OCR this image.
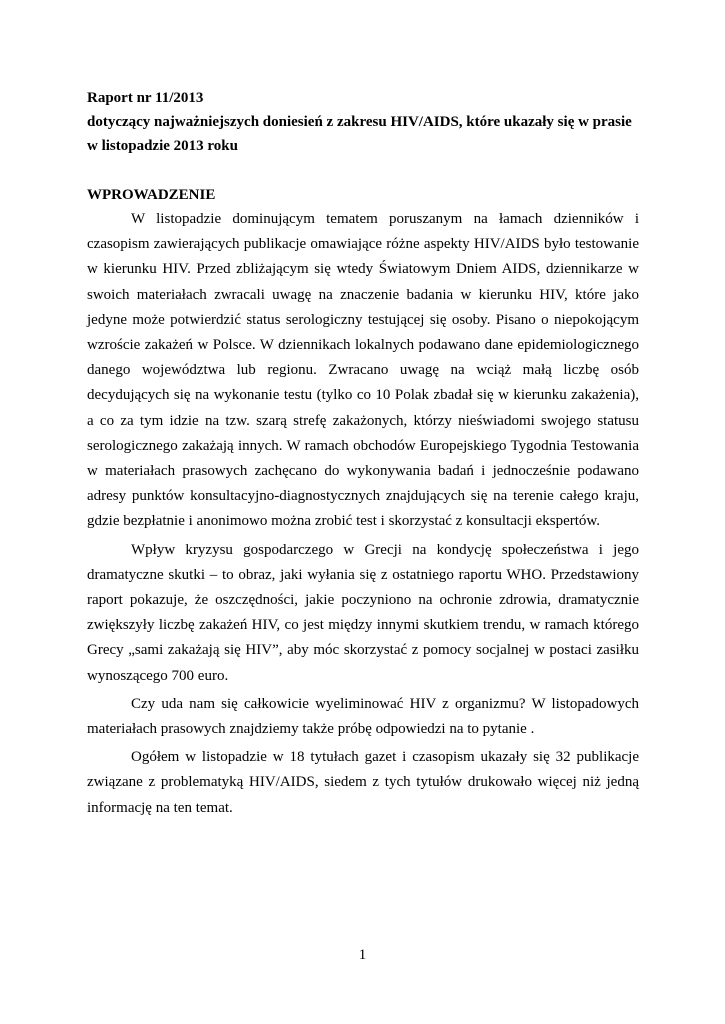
Raport nr 11/2013

dotyczący najważniejszych doniesień z zakresu HIV/AIDS, które ukazały się w prasie

w listopadzie 2013 roku

WPROWADZENIE

W listopadzie dominującym tematem poruszanym na łamach dzienników i czasopism zawierających publikacje omawiające różne aspekty HIV/AIDS było testowanie w kierunku HIV. Przed zbliżającym się wtedy Światowym Dniem AIDS, dziennikarze w swoich materiałach zwracali uwagę na znaczenie badania w kierunku HIV, które jako jedyne może potwierdzić status serologiczny testującej się osoby. Pisano o niepokojącym wzroście zakażeń w Polsce. W dziennikach lokalnych podawano dane epidemiologicznego danego województwa lub regionu. Zwracano uwagę na wciąż małą liczbę osób decydujących się na wykonanie testu (tylko co 10 Polak zbadał się w kierunku zakażenia), a co za tym idzie na tzw. szarą strefę zakażonych, którzy nieświadomi swojego statusu serologicznego zakażają innych. W ramach obchodów Europejskiego Tygodnia Testowania w materiałach prasowych zachęcano do wykonywania badań i jednocześnie podawano adresy punktów konsultacyjno-diagnostycznych znajdujących się na terenie całego kraju, gdzie bezpłatnie i anonimowo można zrobić test i skorzystać z konsultacji ekspertów.

Wpływ kryzysu gospodarczego w Grecji na kondycję społeczeństwa i jego dramatyczne skutki – to obraz, jaki wyłania się z ostatniego raportu WHO. Przedstawiony raport pokazuje, że oszczędności, jakie poczyniono na ochronie zdrowia, dramatycznie zwiększyły liczbę zakażeń HIV, co jest między innymi skutkiem trendu, w ramach którego Grecy „sami zakażają się HIV”, aby móc skorzystać z pomocy socjalnej w postaci zasiłku wynoszącego 700 euro.

Czy uda nam się całkowicie wyeliminować HIV z organizmu? W listopadowych materiałach prasowych znajdziemy także próbę odpowiedzi na to pytanie .

Ogółem w listopadzie w 18 tytułach gazet i czasopism ukazały się 32 publikacje związane z problematyką HIV/AIDS, siedem z tych tytułów drukowało więcej niż jedną informację na ten temat.

1
